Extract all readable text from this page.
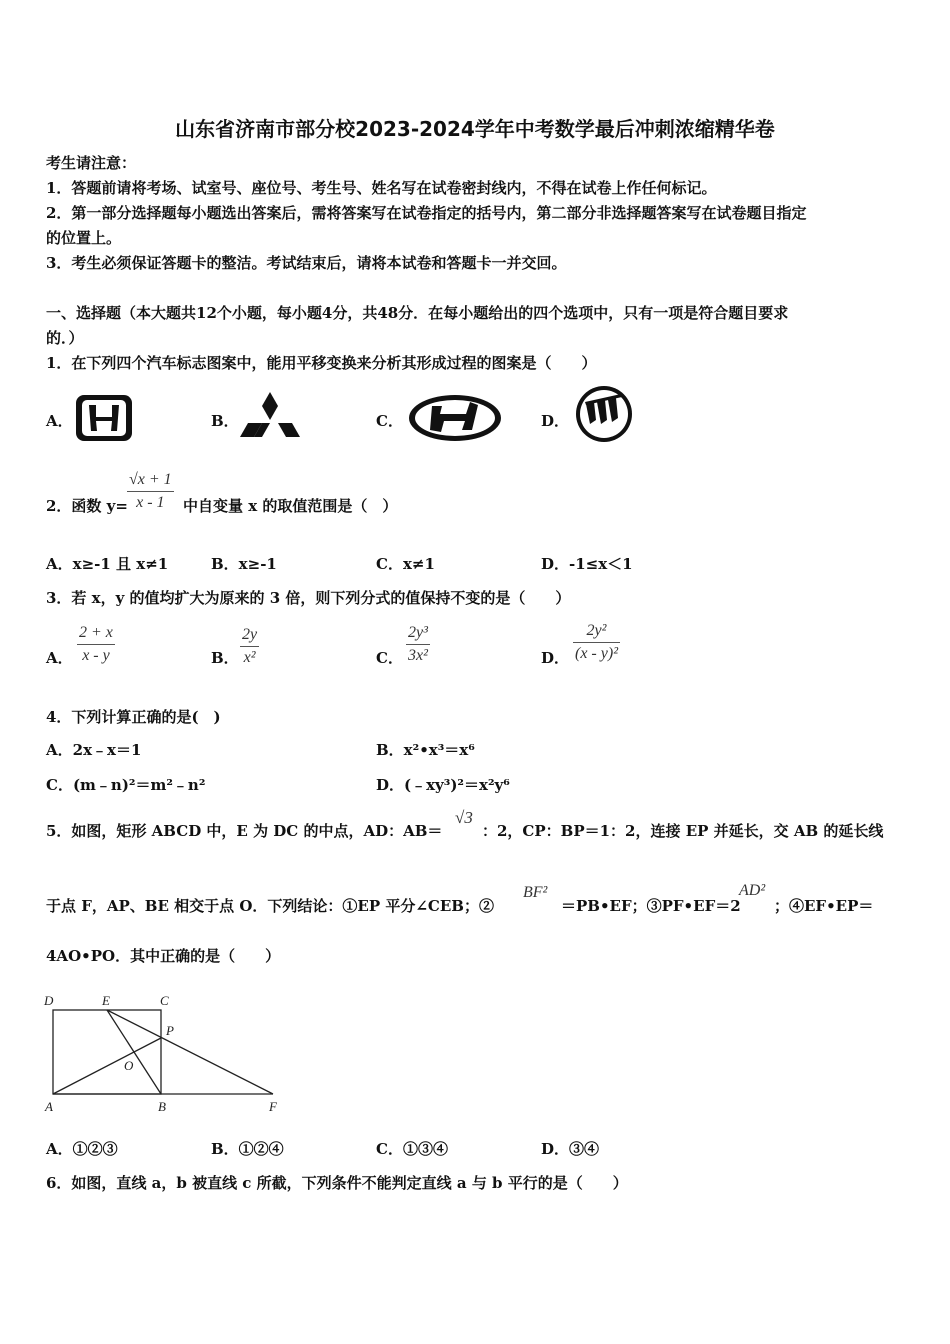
山东省济南市部分校2023-2024学年中考数学最后冲刺浓缩精华卷
考生请注意：
1．答题前请将考场、试室号、座位号、考生号、姓名写在试卷密封线内，不得在试卷上作任何标记。
2．第一部分选择题每小题选出答案后，需将答案写在试卷指定的括号内，第二部分非选择题答案写在试卷题目指定
的位置上。
3．考生必须保证答题卡的整洁。考试结束后，请将本试卷和答题卡一并交回。
一、选择题（本大题共12个小题，每小题4分，共48分．在每小题给出的四个选项中，只有一项是符合题目要求
的．）
1．在下列四个汽车标志图案中，能用平移变换来分析其形成过程的图案是（　　）
A．	B．	C．	D．
2．函数 $y= \frac{√x + 1}{x - 1}$ 中自变量 x 的取值范围是（　）
A．x≥-1 且 x≠1	B．x≥-1	C．x≠1	D．-1≤x＜1
3．若 x，y 的值均扩大为原来的 3 倍，则下列分式的值保持不变的是（　　）
A． $\frac{2 + x}{x - y}$	B． $\frac{2y}{\text{x²}}$	C． $\frac{\text{2y³}}{\text{3x²}}$	D． $\frac{\text{2y²}}{\text{(x - y)²}}$
4．下列计算正确的是(　)
A．2x﹣x＝1	B．x²•x³＝x⁶
C．(m﹣n)²＝m²﹣n²	D．(﹣xy³)²＝x²y⁶
5．如图，矩形 ABCD 中，E 为 DC 的中点，AD：AB＝
√3
：2，CP：BP＝1：2，连接 EP 并延长，交 AB 的延长线
于点 F，AP、BE 相交于点 O．下列结论：①EP 平分∠CEB；②
BF²
＝PB•EF；③PF•EF＝2
AD²
；④EF•EP＝
4AO•PO．其中正确的是（　　）
D	E	C
P
O
A	B	F
A．①②③	B．①②④	C．①③④	D．③④
6．如图，直线 a，b 被直线 c 所截，下列条件不能判定直线 a 与 b 平行的是（　　）
